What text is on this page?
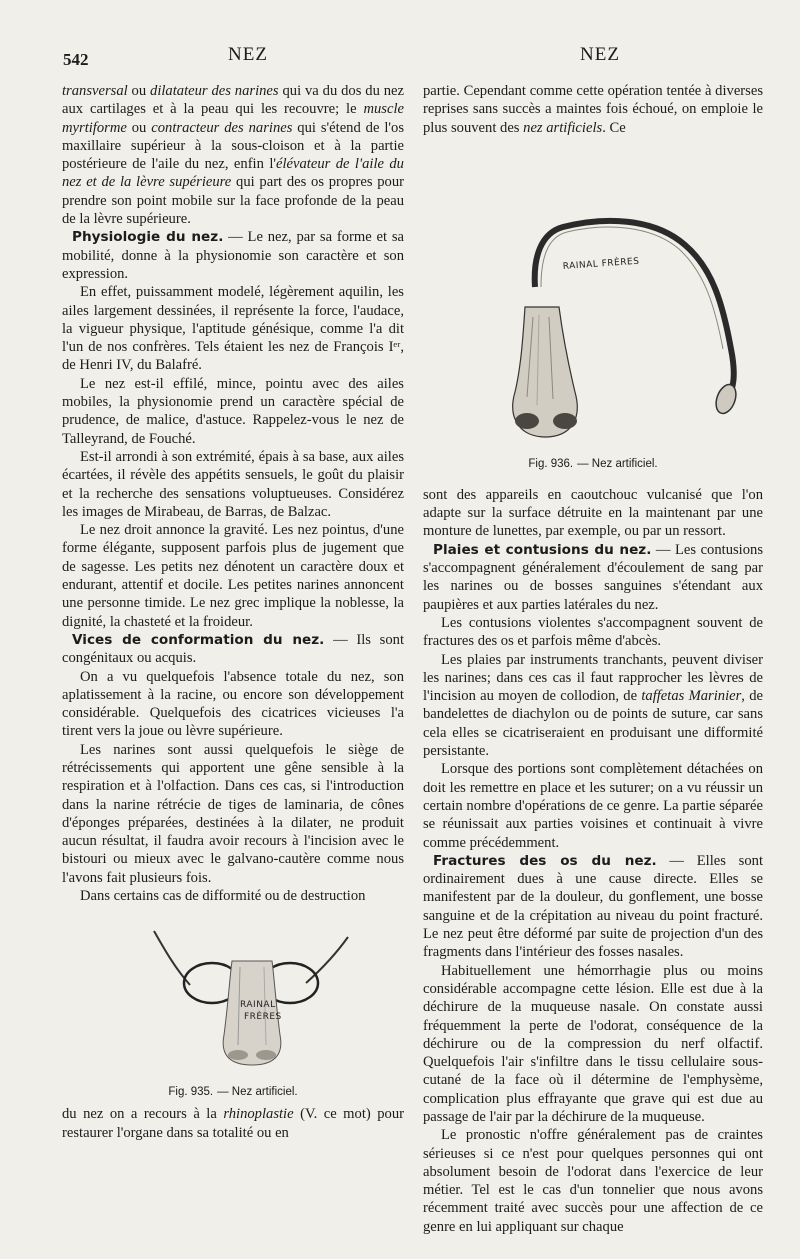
542	NEZ	NEZ

transversal ou dilatateur des narines qui va du dos du nez aux cartilages et à la peau qui les recouvre; le muscle myrtiforme ou contracteur des narines qui s'étend de l'os maxillaire supérieur à la sous-cloison et à la partie postérieure de l'aile du nez, enfin l'élévateur de l'aile du nez et de la lèvre supérieure qui part des os propres pour prendre son point mobile sur la face profonde de la peau de la lèvre supérieure.

Physiologie du nez. — Le nez, par sa forme et sa mobilité, donne à la physionomie son caractère et son expression.

En effet, puissamment modelé, légèrement aquilin, les ailes largement dessinées, il représente la force, l'audace, la vigueur physique, l'aptitude génésique, comme l'a dit l'un de nos confrères. Tels étaient les nez de François Iᵉʳ, de Henri IV, du Balafré.

Le nez est-il effilé, mince, pointu avec des ailes mobiles, la physionomie prend un caractère spécial de prudence, de malice, d'astuce. Rappelez-vous le nez de Talleyrand, de Fouché.

Est-il arrondi à son extrémité, épais à sa base, aux ailes écartées, il révèle des appétits sensuels, le goût du plaisir et la recherche des sensations voluptueuses. Considérez les images de Mirabeau, de Barras, de Balzac.

Le nez droit annonce la gravité. Les nez pointus, d'une forme élégante, supposent parfois plus de jugement que de sagesse. Les petits nez dénotent un caractère doux et endurant, attentif et docile. Les petites narines annoncent une personne timide. Le nez grec implique la noblesse, la dignité, la chasteté et la froideur.

Vices de conformation du nez. — Ils sont congénitaux ou acquis.

On a vu quelquefois l'absence totale du nez, son aplatissement à la racine, ou encore son développement considérable. Quelquefois des cicatrices vicieuses l'a tirent vers la joue ou lèvre supérieure.

Les narines sont aussi quelquefois le siège de rétrécissements qui apportent une gêne sensible à la respiration et à l'olfaction. Dans ces cas, si l'introduction dans la narine rétrécie de tiges de laminaria, de cônes d'éponges préparées, destinées à la dilater, ne produit aucun résultat, il faudra avoir recours à l'incision avec le bistouri ou mieux avec le galvano-cautère comme nous l'avons fait plusieurs fois.

Dans certains cas de difformité ou de destruction

RAINAL
FRÈRES
Fig. 935. — Nez artificiel.

du nez on a recours à la rhinoplastie (V. ce mot) pour restaurer l'organe dans sa totalité ou en

partie. Cependant comme cette opération tentée à diverses reprises sans succès a maintes fois échoué, on emploie le plus souvent des nez artificiels. Ce

RAINAL FRÈRES
Fig. 936. — Nez artificiel.

sont des appareils en caoutchouc vulcanisé que l'on adapte sur la surface détruite en la maintenant par une monture de lunettes, par exemple, ou par un ressort.

Plaies et contusions du nez. — Les contusions s'accompagnent généralement d'écoulement de sang par les narines ou de bosses sanguines s'étendant aux paupières et aux parties latérales du nez.

Les contusions violentes s'accompagnent souvent de fractures des os et parfois même d'abcès.

Les plaies par instruments tranchants, peuvent diviser les narines; dans ces cas il faut rapprocher les lèvres de l'incision au moyen de collodion, de taffetas Marinier, de bandelettes de diachylon ou de points de suture, car sans cela elles se cicatriseraient en produisant une difformité persistante.

Lorsque des portions sont complètement détachées on doit les remettre en place et les suturer; on a vu réussir un certain nombre d'opérations de ce genre. La partie séparée se réunissait aux parties voisines et continuait à vivre comme précédemment.

Fractures des os du nez. — Elles sont ordinairement dues à une cause directe. Elles se manifestent par de la douleur, du gonflement, une bosse sanguine et de la crépitation au niveau du point fracturé. Le nez peut être déformé par suite de projection d'un des fragments dans l'intérieur des fosses nasales.

Habituellement une hémorrhagie plus ou moins considérable accompagne cette lésion. Elle est due à la déchirure de la muqueuse nasale. On constate aussi fréquemment la perte de l'odorat, conséquence de la déchirure ou de la compression du nerf olfactif. Quelquefois l'air s'infiltre dans le tissu cellulaire sous-cutané de la face où il détermine de l'emphysème, complication plus effrayante que grave qui est due au passage de l'air par la déchirure de la muqueuse.

Le pronostic n'offre généralement pas de craintes sérieuses si ce n'est pour quelques personnes qui ont absolument besoin de l'odorat dans l'exercice de leur métier. Tel est le cas d'un tonnelier que nous avons récemment traité avec succès pour une affection de ce genre en lui appliquant sur chaque
